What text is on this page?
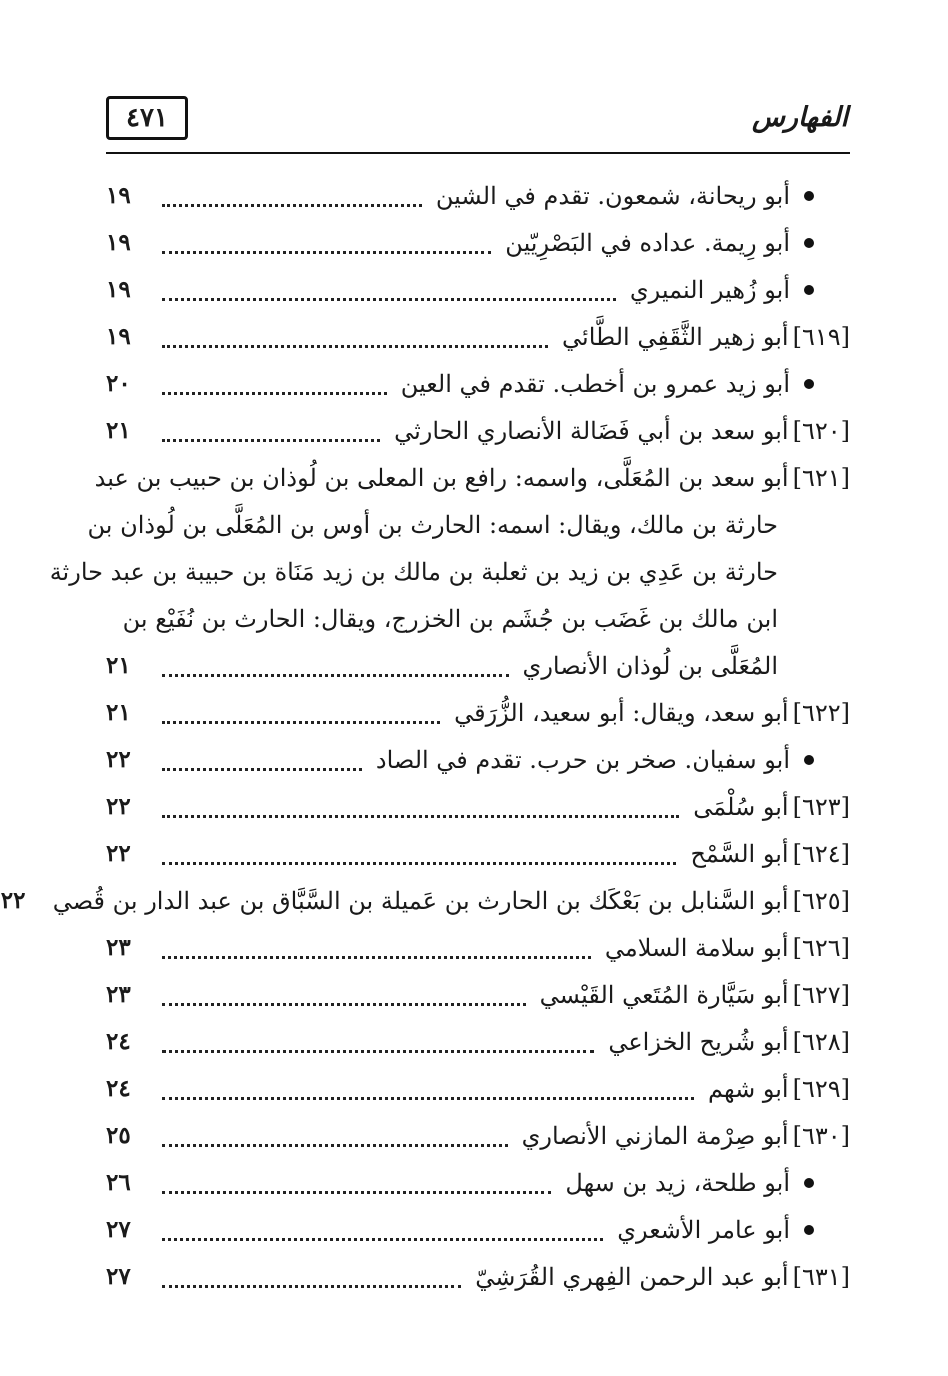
٤٧١	الفهارس
أبو ريحانة، شمعون. تقدم في الشين
١٩
أبو رِيمة. عداده في البَصْرِيّين
١٩
أبو زُهير النميري
١٩
[٦١٩]
أبو زهير الثَّقَفِي الطَّائي
١٩
أبو زيد عمرو بن أخطب. تقدم في العين
٢٠
[٦٢٠]
أبو سعد بن أبي فَضَالة الأنصاري الحارثي
٢١
[٦٢١]
أبو سعد بن المُعَلَّى، واسمه: رافع بن المعلى بن لُوذان بن حبيب بن عبد
حارثة بن مالك، ويقال: اسمه: الحارث بن أوس بن المُعَلَّى بن لُوذان بن
حارثة بن عَدِي بن زيد بن ثعلبة بن مالك بن زيد مَنَاة بن حبيبة بن عبد حارثة
ابن مالك بن غَضَب بن جُشَم بن الخزرج، ويقال: الحارث بن نُفَيْع بن
المُعَلَّى بن لُوذان الأنصاري
٢١
[٦٢٢]
أبو سعد، ويقال: أبو سعيد، الزُّرَقي
٢١
أبو سفيان. صخر بن حرب. تقدم في الصاد
٢٢
[٦٢٣]
أبو سُلْمَى
٢٢
[٦٢٤]
أبو السَّمْح
٢٢
[٦٢٥]
أبو السَّنابل بن بَعْكَك بن الحارث بن عَميلة بن السَّبَّاق بن عبد الدار بن قُصي
٢٢
[٦٢٦]
أبو سلامة السلامي
٢٣
[٦٢٧]
أبو سَيَّارة المُتَعي القَيْسي
٢٣
[٦٢٨]
أبو شُريح الخزاعي
٢٤
[٦٢٩]
أبو شهم
٢٤
[٦٣٠]
أبو صِرْمة المازني الأنصاري
٢٥
أبو طلحة، زيد بن سهل
٢٦
أبو عامر الأشعري
٢٧
[٦٣١]
أبو عبد الرحمن الفِهري القُرَشِيّ
٢٧
